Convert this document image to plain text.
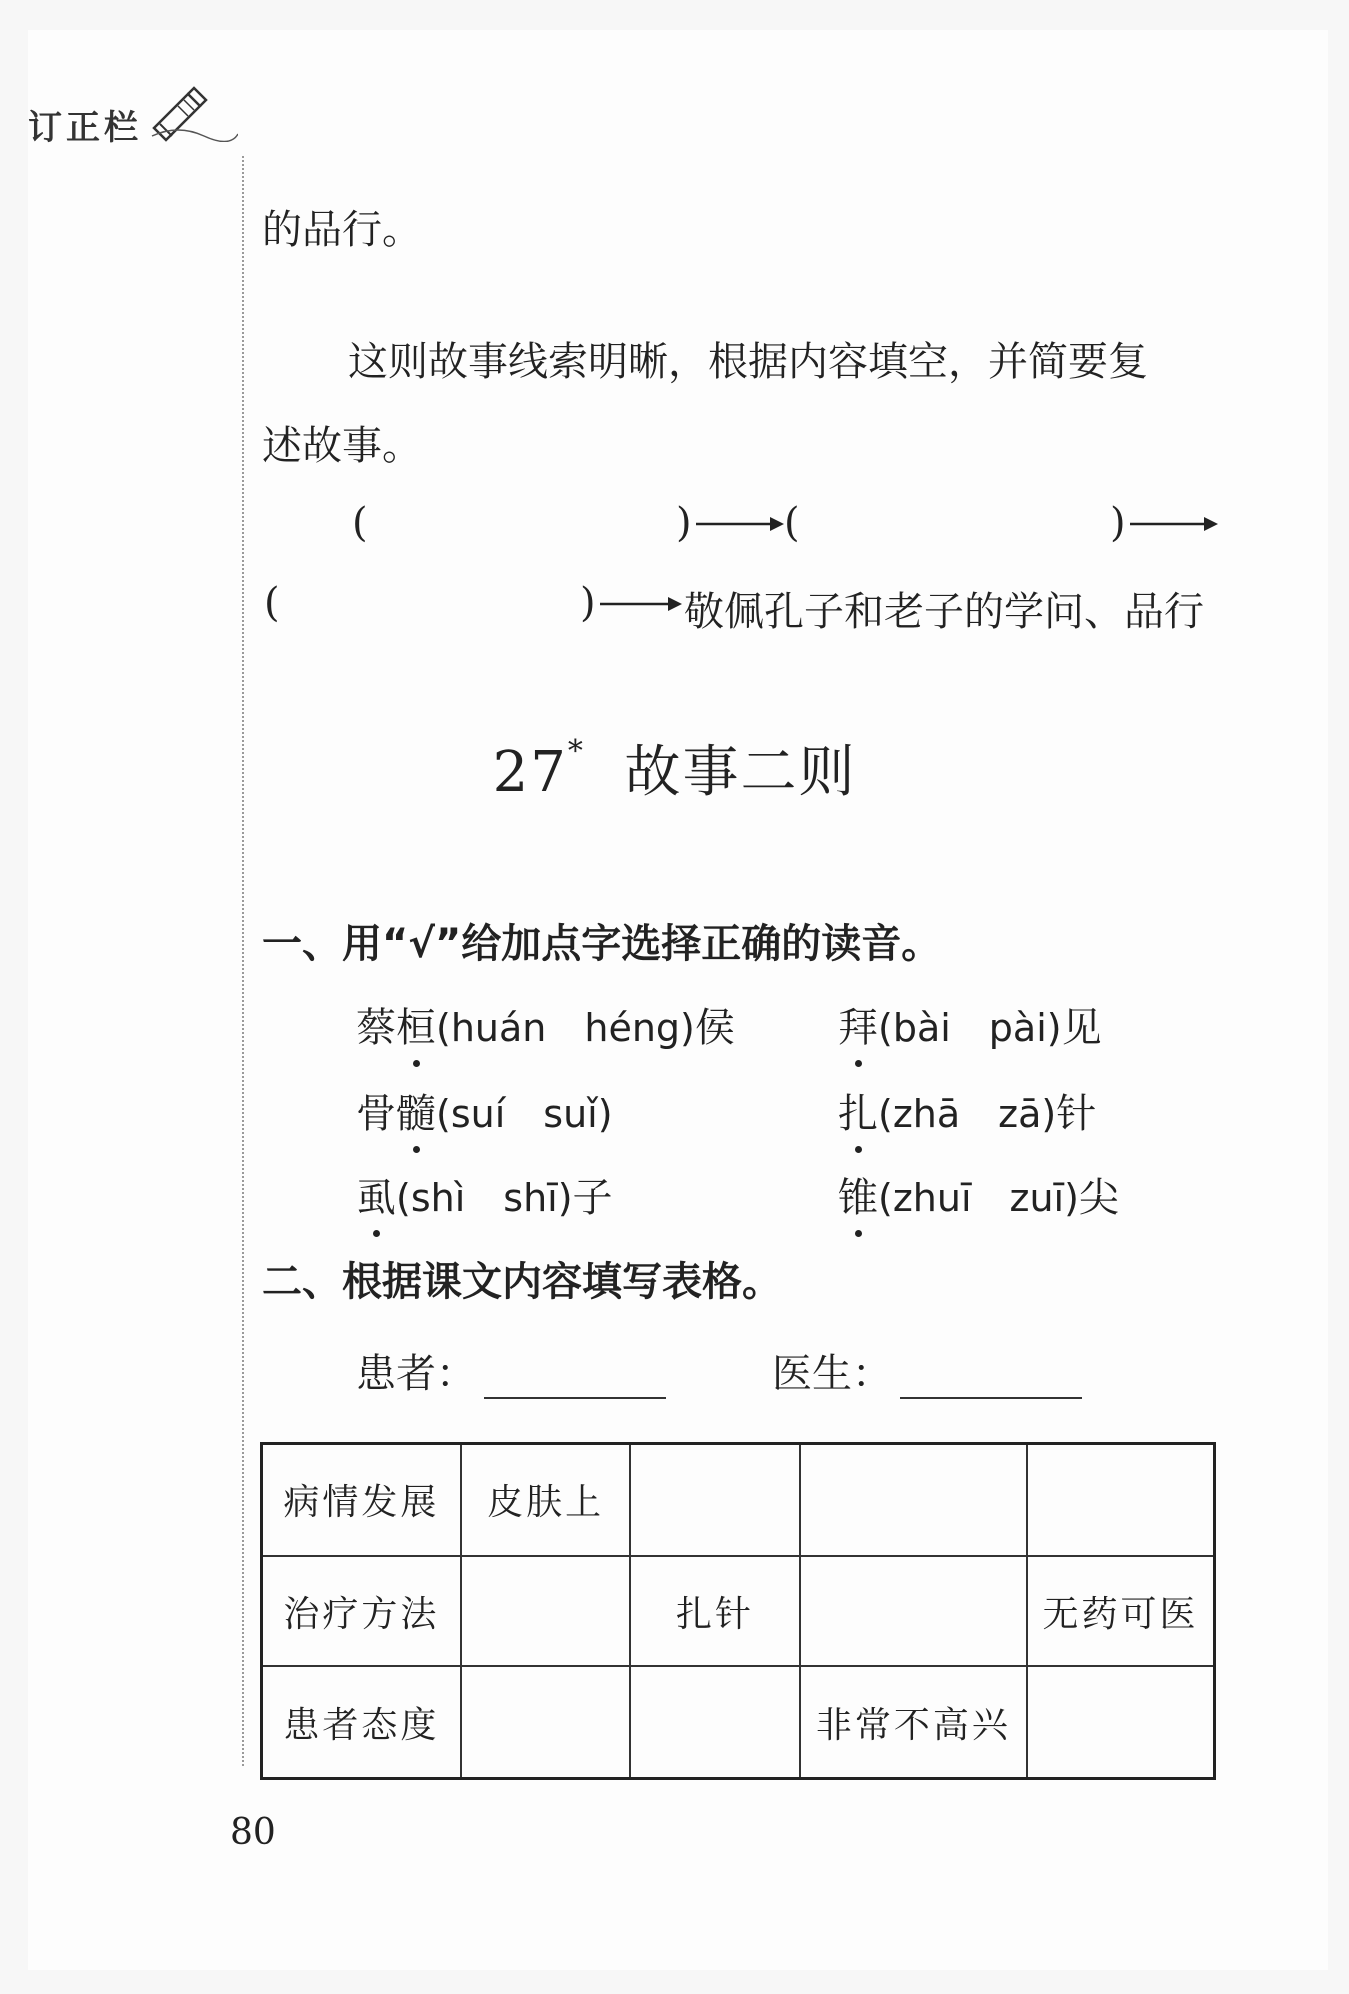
订正栏
的品行。
这则故事线索明晰，根据内容填空，并简要复
述故事。
(	) (	)
(	) 敬佩孔子和老子的学问、品行
27* 故事二则
一、用“√”给加点字选择正确的读音。
蔡桓(huán　héng)侯	拜(bài　pài)见
骨髓(suí　suǐ)	扎(zhā　zā)针
虱(shì　shī)子	锥(zhuī　zuī)尖
二、根据课文内容填写表格。
患者：	医生：
病情发展	皮肤上			
治疗方法		扎针		无药可医
患者态度			非常不高兴	
80
